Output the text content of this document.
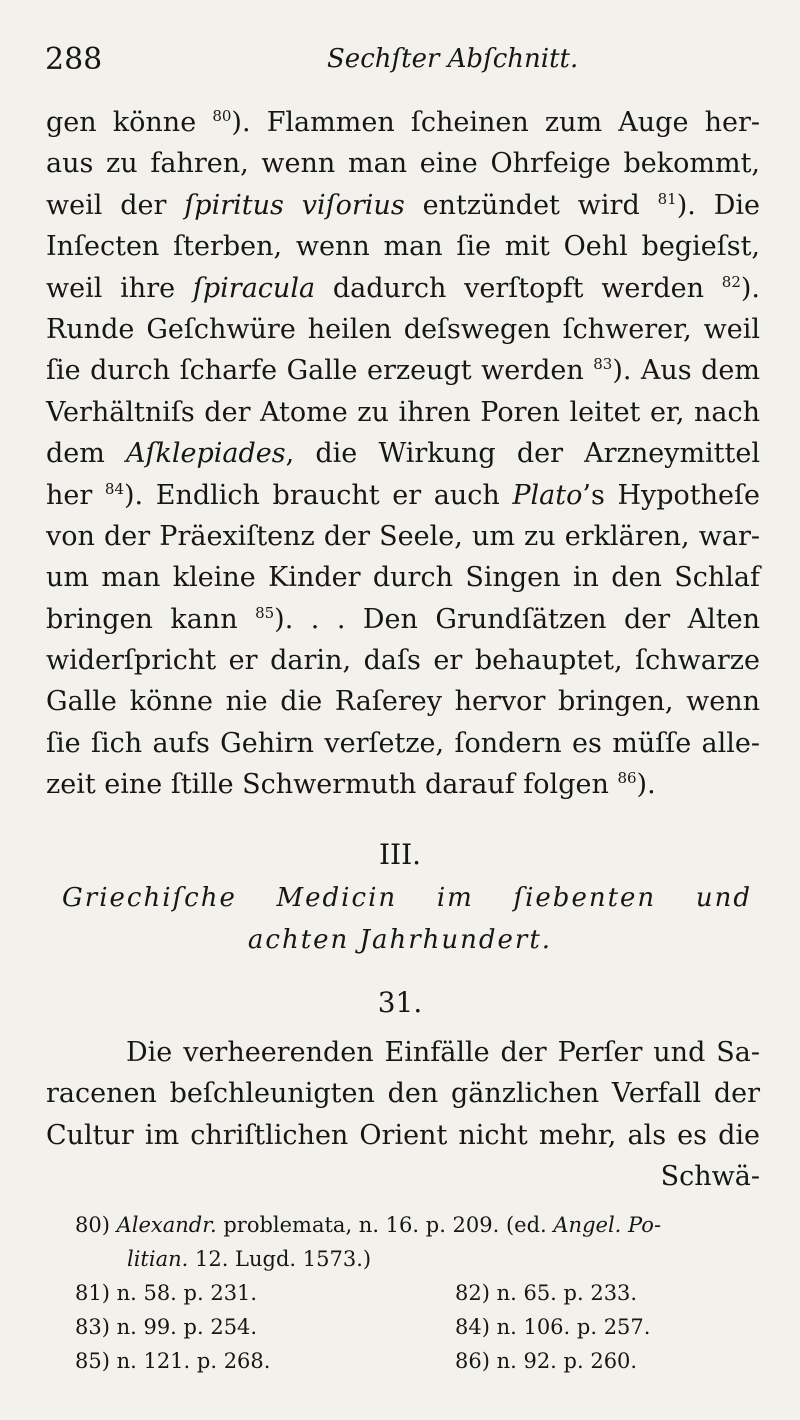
288	Sechſter Abſchnitt.
gen könne $^{80}$). Flammen ſcheinen zum Auge her-
aus zu fahren, wenn man eine Ohrfeige bekommt,
weil der ſpiritus viſorius entzündet wird $^{81}$). Die
Inſecten ſterben, wenn man ſie mit Oehl begieſst,
weil ihre ſpiracula dadurch verſtopft werden $^{82}$).
Runde Geſchwüre heilen deſswegen ſchwerer, weil
ſie durch ſcharfe Galle erzeugt werden $^{83}$). Aus dem
Verhältniſs der Atome zu ihren Poren leitet er, nach
dem Aſklepiades, die Wirkung der Arzneymittel
her $^{84}$). Endlich braucht er auch Plato’s Hypotheſe
von der Präexiſtenz der Seele, um zu erklären, war-
um man kleine Kinder durch Singen in den Schlaf
bringen kann $^{85}$). . . Den Grundſätzen der Alten
widerſpricht er darin, daſs er behauptet, ſchwarze
Galle könne nie die Raſerey hervor bringen, wenn
ſie ſich aufs Gehirn verſetze, ſondern es müſſe alle-
zeit eine ſtille Schwermuth darauf folgen $^{86}$).
III.
Griechiſche Medicin im ſiebenten und
achten Jahrhundert.
31.
Die verheerenden Einfälle der Perſer und Sa-
racenen beſchleunigten den gänzlichen Verfall der
Cultur im chriſtlichen Orient nicht mehr, als es die
Schwä-
80) Alexandr. problemata, n. 16. p. 209. (ed. Angel. Po-
litian. 12. Lugd. 1573.)
81) n. 58. p. 231.	82) n. 65. p. 233.
83) n. 99. p. 254.	84) n. 106. p. 257.
85) n. 121. p. 268.	86) n. 92. p. 260.
